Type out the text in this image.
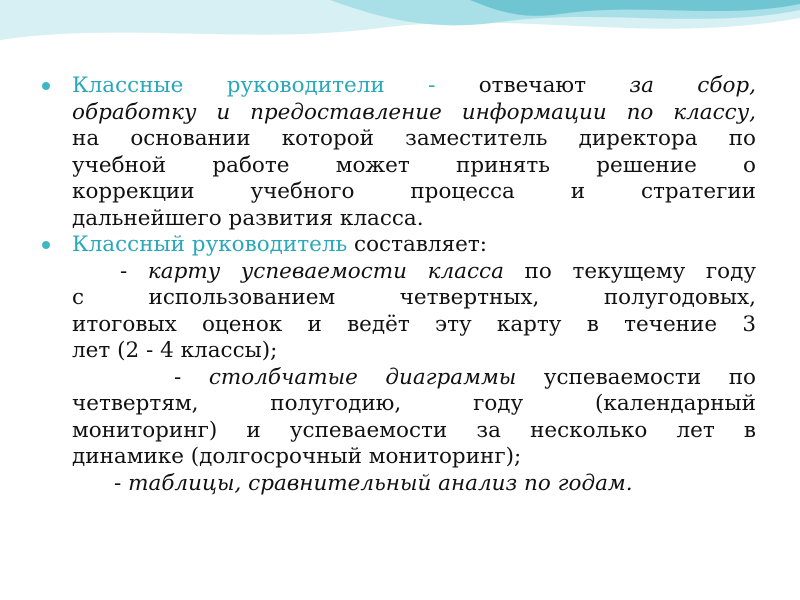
Классные руководители - отвечают за сбор,
обработку и предоставление информации по классу,
на основании которой заместитель директора по
учебной работе может принять решение о
коррекции учебного процесса и стратегии
дальнейшего развития класса.
Классный руководитель составляет:
- карту успеваемости класса по текущему году
с использованием четвертных, полугодовых,
итоговых оценок и ведёт эту карту в течение 3
лет (2 - 4 классы);
- столбчатые диаграммы успеваемости по
четвертям, полугодию, году (календарный
мониторинг) и успеваемости за несколько лет в
динамике (долгосрочный мониторинг);
- таблицы, сравнительный анализ по годам.
